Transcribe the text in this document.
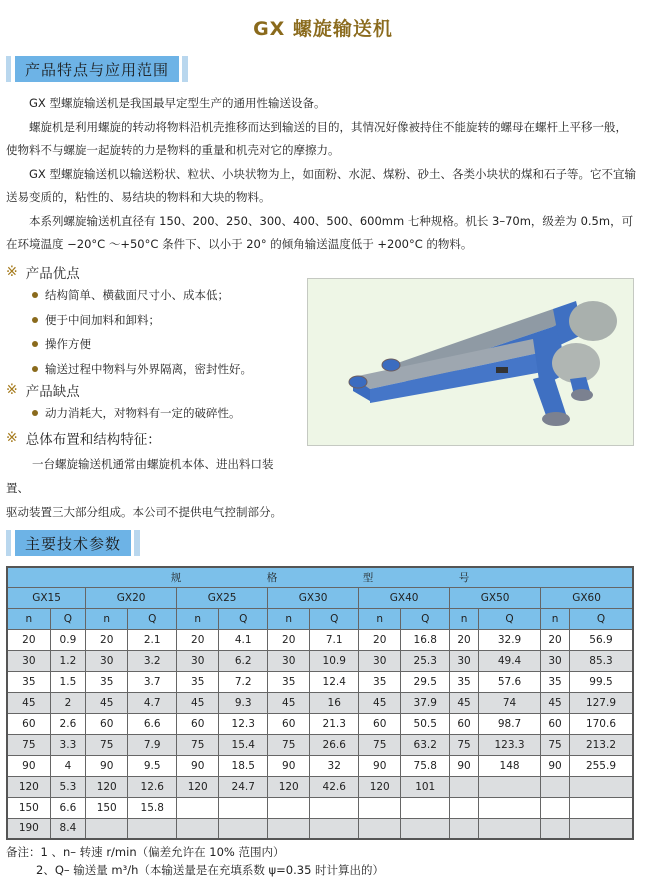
GX 螺旋输送机
产品特点与应用范围

GX 型螺旋输送机是我国最早定型生产的通用性输送设备。

螺旋机是利用螺旋的转动将物料沿机壳推移而达到输送的目的，其情况好像被持住不能旋转的螺母在螺杆上平移一般，使物料不与螺旋一起旋转的力是物料的重量和机壳对它的摩擦力。

GX 型螺旋输送机以输送粉状、粒状、小块状物为上，如面粉、水泥、煤粉、砂土、各类小块状的煤和石子等。它不宜输送易变质的，粘性的、易结块的物料和大块的物料。

本系列螺旋输送机直径有 150、200、250、300、400、500、600mm 七种规格。机长 3–70m，级差为 0.5m，可在环境温度 −20°C ～+50°C 条件下、以小于 20° 的倾角输送温度低于 +200°C 的物料。

※ 产品优点
结构简单、横截面尺寸小、成本低；
便于中间加料和卸料；
操作方便
输送过程中物料与外界隔离，密封性好。
※ 产品缺点
动力消耗大，对物料有一定的破碎性。
※ 总体布置和结构特征：

一台螺旋输送机通常由螺旋机本体、进出料口装置、

驱动装置三大部分组成。本公司不提供电气控制部分。

主要技术参数
规 格 型 号													
GX15		GX20		GX25		GX30		GX40		GX50		GX60	
n	Q	n	Q	n	Q	n	Q	n	Q	n	Q	n	Q
20	0.9	20	2.1	20	4.1	20	7.1	20	16.8	20	32.9	20	56.9
30	1.2	30	3.2	30	6.2	30	10.9	30	25.3	30	49.4	30	85.3
35	1.5	35	3.7	35	7.2	35	12.4	35	29.5	35	57.6	35	99.5
45	2	45	4.7	45	9.3	45	16	45	37.9	45	74	45	127.9
60	2.6	60	6.6	60	12.3	60	21.3	60	50.5	60	98.7	60	170.6
75	3.3	75	7.9	75	15.4	75	26.6	75	63.2	75	123.3	75	213.2
90	4	90	9.5	90	18.5	90	32	90	75.8	90	148	90	255.9
120	5.3	120	12.6	120	24.7	120	42.6	120	101				
150	6.6	150	15.8										
190	8.4												
备注：1 、n– 转速 r/min（偏差允许在 10% 范围内）
2、Q– 输送量 m³/h（本输送量是在充填系数 ψ=0.35 时计算出的）
